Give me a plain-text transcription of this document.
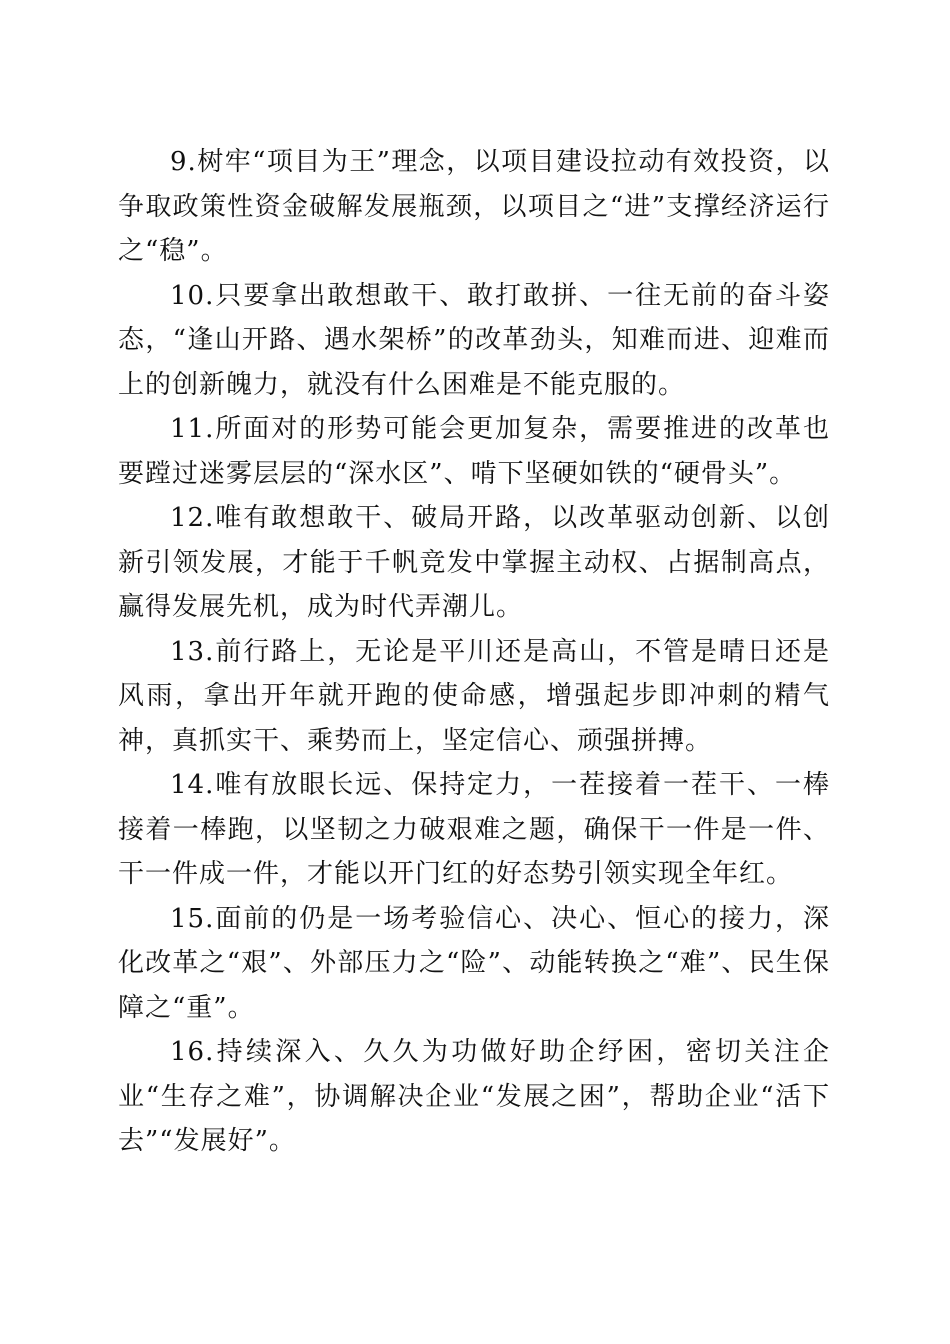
9.树牢“项目为王”理念，以项目建设拉动有效投资，以争取政策性资金破解发展瓶颈，以项目之“进”支撑经济运行之“稳”。

10.只要拿出敢想敢干、敢打敢拼、一往无前的奋斗姿态，“逢山开路、遇水架桥”的改革劲头，知难而进、迎难而上的创新魄力，就没有什么困难是不能克服的。

11.所面对的形势可能会更加复杂，需要推进的改革也要蹚过迷雾层层的“深水区”、啃下坚硬如铁的“硬骨头”。

12.唯有敢想敢干、破局开路，以改革驱动创新、以创新引领发展，才能于千帆竞发中掌握主动权、占据制高点，赢得发展先机，成为时代弄潮儿。

13.前行路上，无论是平川还是高山，不管是晴日还是风雨，拿出开年就开跑的使命感，增强起步即冲刺的精气神，真抓实干、乘势而上，坚定信心、顽强拼搏。

14.唯有放眼长远、保持定力，一茬接着一茬干、一棒接着一棒跑，以坚韧之力破艰难之题，确保干一件是一件、干一件成一件，才能以开门红的好态势引领实现全年红。

15.面前的仍是一场考验信心、决心、恒心的接力，深化改革之“艰”、外部压力之“险”、动能转换之“难”、民生保障之“重”。

16.持续深入、久久为功做好助企纾困，密切关注企业“生存之难”，协调解决企业“发展之困”，帮助企业“活下去”“发展好”。
